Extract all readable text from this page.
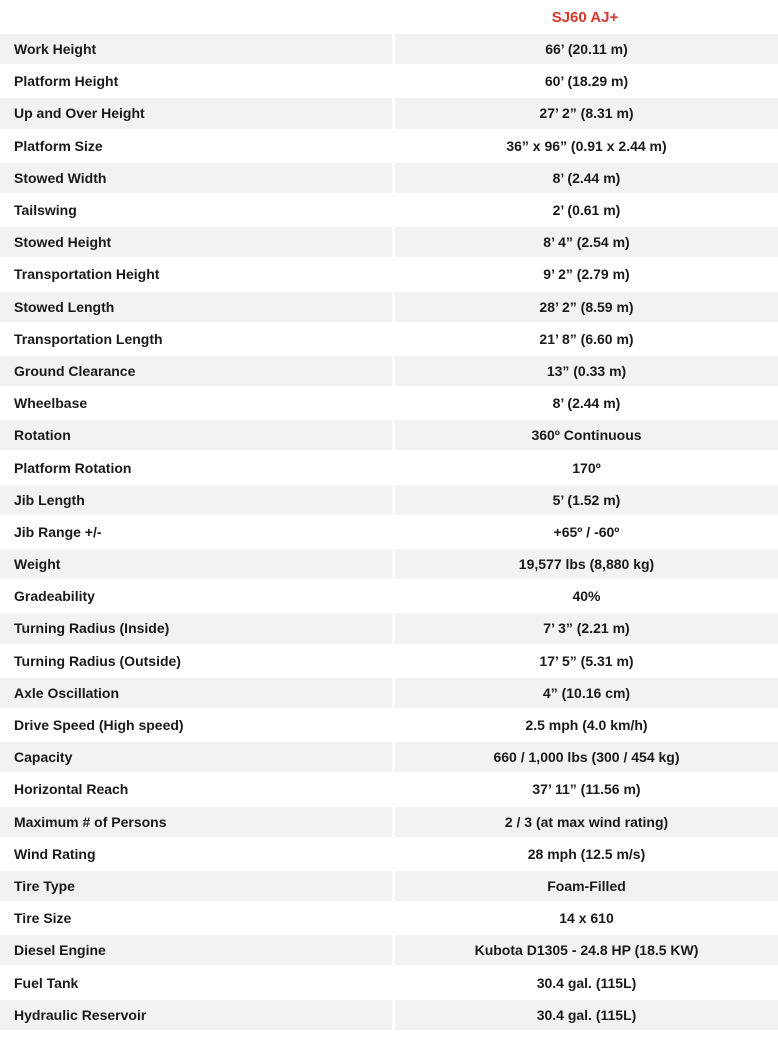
SJ60 AJ+
Work Height	66’ (20.11 m)
Platform Height	60’ (18.29 m)
Up and Over Height	27’ 2” (8.31 m)
Platform Size	36” x 96” (0.91 x 2.44 m)
Stowed Width	8’ (2.44 m)
Tailswing	2’ (0.61 m)
Stowed Height	8’ 4” (2.54 m)
Transportation Height	9’ 2” (2.79 m)
Stowed Length	28’ 2” (8.59 m)
Transportation Length	21’ 8” (6.60 m)
Ground Clearance	13” (0.33 m)
Wheelbase	8’ (2.44 m)
Rotation	360º Continuous
Platform Rotation	170º
Jib Length	5’ (1.52 m)
Jib Range +/-	+65º / -60º
Weight	19,577 lbs (8,880 kg)
Gradeability	40%
Turning Radius (Inside)	7’ 3” (2.21 m)
Turning Radius (Outside)	17’ 5” (5.31 m)
Axle Oscillation	4” (10.16 cm)
Drive Speed (High speed)	2.5 mph (4.0 km/h)
Capacity	660 / 1,000 lbs (300 / 454 kg)
Horizontal Reach	37’ 11” (11.56 m)
Maximum # of Persons	2 / 3 (at max wind rating)
Wind Rating	28 mph (12.5 m/s)
Tire Type	Foam-Filled
Tire Size	14 x 610
Diesel Engine	Kubota D1305 - 24.8 HP (18.5 KW)
Fuel Tank	30.4 gal. (115L)
Hydraulic Reservoir	30.4 gal. (115L)
